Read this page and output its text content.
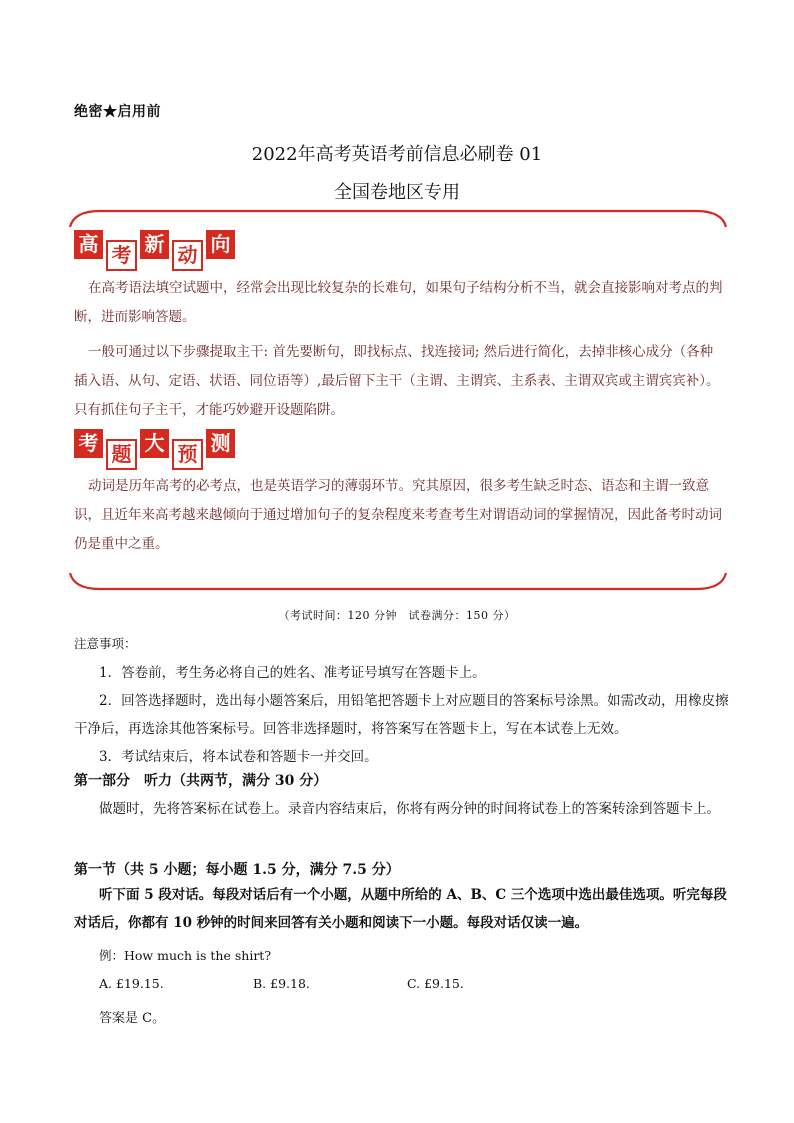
绝密★启用前
2022年高考英语考前信息必刷卷 01
全国卷地区专用
高 考 新 动 向
在高考语法填空试题中，经常会出现比较复杂的长难句，如果句子结构分析不当，就会直接影响对考点的判断，进而影响答题。
一般可通过以下步骤提取主干: 首先要断句，即找标点、找连接词; 然后进行简化，去掉非核心成分（各种插入语、从句、定语、状语、同位语等）,最后留下主干（主谓、主谓宾、主系表、主谓双宾或主谓宾宾补）。只有抓住句子主干，才能巧妙避开设题陷阱。
考 题 大 预 测
动词是历年高考的必考点，也是英语学习的薄弱环节。究其原因，很多考生缺乏时态、语态和主谓一致意识，且近年来高考越来越倾向于通过增加句子的复杂程度来考查考生对谓语动词的掌握情况，因此备考时动词仍是重中之重。
（考试时间：120 分钟　试卷满分：150 分）
注意事项：
1．答卷前，考生务必将自己的姓名、准考证号填写在答题卡上。
2．回答选择题时，选出每小题答案后，用铅笔把答题卡上对应题目的答案标号涂黑。如需改动，用橡皮擦干净后，再选涂其他答案标号。回答非选择题时，将答案写在答题卡上，写在本试卷上无效。
3．考试结束后，将本试卷和答题卡一并交回。
第一部分　听力（共两节，满分 30 分）
做题时，先将答案标在试卷上。录音内容结束后，你将有两分钟的时间将试卷上的答案转涂到答题卡上。
第一节（共 5 小题；每小题 1.5 分，满分 7.5 分）
听下面 5 段对话。每段对话后有一个小题，从题中所给的 A、B、C 三个选项中选出最佳选项。听完每段对话后，你都有 10 秒钟的时间来回答有关小题和阅读下一小题。每段对话仅读一遍。
例：How much is the shirt?
A. £19.15.	B. £9.18.	C. £9.15.
答案是 C。
